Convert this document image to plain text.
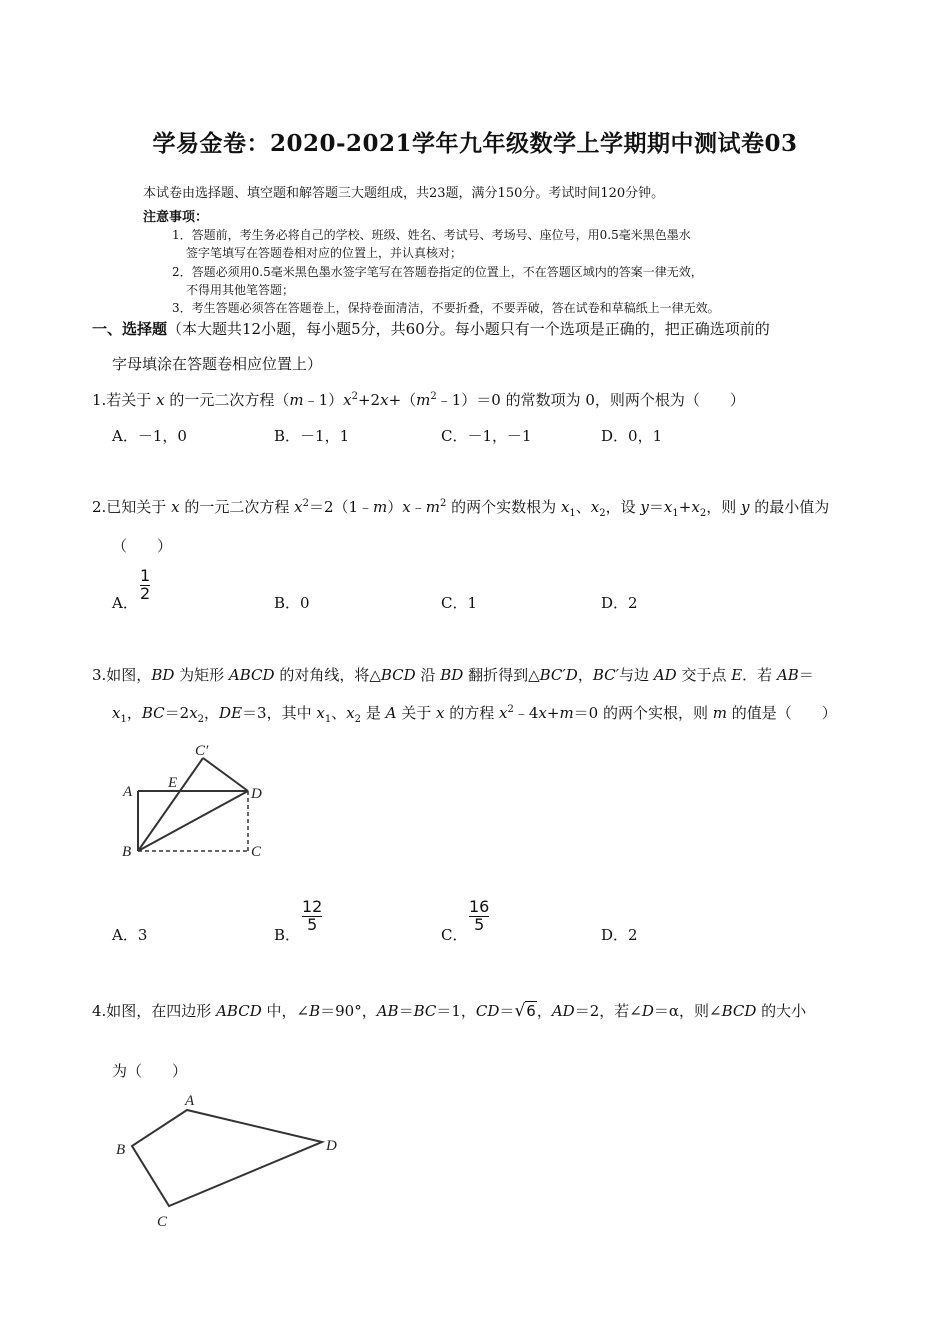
学易金卷：2020-2021学年九年级数学上学期期中测试卷03
本试卷由选择题、填空题和解答题三大题组成，共23题，满分150分。考试时间120分钟。
注意事项：
1．答题前，考生务必将自己的学校、班级、姓名、考试号、考场号、座位号，用0.5毫米黑色墨水
签字笔填写在答题卷相对应的位置上，并认真核对；
2．答题必须用0.5毫米黑色墨水签字笔写在答题卷指定的位置上，不在答题区域内的答案一律无效，
不得用其他笔答题；
3．考生答题必须答在答题卷上，保持卷面清洁，不要折叠，不要弄破，答在试卷和草稿纸上一律无效。
一、选择题（本大题共12小题，每小题5分，共60分。每小题只有一个选项是正确的，把正确选项前的
字母填涂在答题卷相应位置上）
1.若关于 x 的一元二次方程$(m﹣1)x^2+2x+(m^2﹣1)=0$ 的常数项为 0，则两个根为（　　）
A．－1，0	B．－1，1	C．－1，－1	D．0，1
2.已知关于 x 的一元二次方程 $x^2=2(1﹣m)x﹣m^2$ 的两个实数根为 $x_1$、$x_2$，设 $y=x_1+x_2$，则 y 的最小值为
（　　）
A．
$\frac{1}{2}$
B．0	C．1	D．2
3.如图，BD 为矩形 ABCD 的对角线，将△BCD 沿 BD 翻折得到△BC′D，BC′与边 AD 交于点 E．若 AB＝
$x_1$，$BC=2x_2$，DE＝3，其中 $x_1$、$x_2$ 是 A 关于 x 的方程 $x^2﹣4x+m=0$ 的两个实根，则 m 的值是（　　）
C′
E
A	D
B	C
A．3	B．
$\frac{12}{5}$
C．
$\frac{16}{5}$
D．2
4.如图，在四边形 ABCD 中，∠B＝90°，AB＝BC＝1，CD＝√6，AD＝2，若∠D＝α，则∠BCD 的大小
为（　　）
A
B	D
C
